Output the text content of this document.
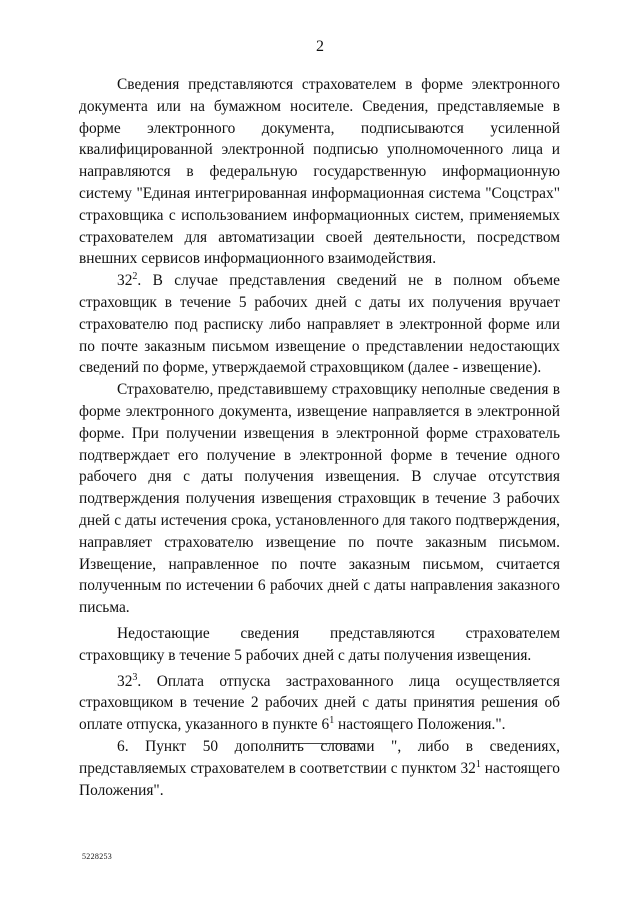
2

Сведения представляются страхователем в форме электронного документа или на бумажном носителе. Сведения, представляемые в форме электронного документа, подписываются усиленной квалифицированной электронной подписью уполномоченного лица и направляются в федеральную государственную информационную систему "Единая интегрированная информационная система "Соцстрах" страховщика с использованием информационных систем, применяемых страхователем для автоматизации своей деятельности, посредством внешних сервисов информационного взаимодействия.

$32^2$. В случае представления сведений не в полном объеме страховщик в течение 5 рабочих дней с даты их получения вручает страхователю под расписку либо направляет в электронной форме или по почте заказным письмом извещение о представлении недостающих сведений по форме, утверждаемой страховщиком (далее - извещение).

Страхователю, представившему страховщику неполные сведения в форме электронного документа, извещение направляется в электронной форме. При получении извещения в электронной форме страхователь подтверждает его получение в электронной форме в течение одного рабочего дня с даты получения извещения. В случае отсутствия подтверждения получения извещения страховщик в течение 3 рабочих дней с даты истечения срока, установленного для такого подтверждения, направляет страхователю извещение по почте заказным письмом. Извещение, направленное по почте заказным письмом, считается полученным по истечении 6 рабочих дней с даты направления заказного письма.

Недостающие сведения представляются страхователем страховщику в течение 5 рабочих дней с даты получения извещения.

$32^3$. Оплата отпуска застрахованного лица осуществляется страховщиком в течение 2 рабочих дней с даты принятия решения об оплате отпуска, указанного в пункте $6^1$ настоящего Положения.".

6. Пункт 50 дополнить словами ", либо в сведениях, представляемых страхователем в соответствии с пунктом $32^1$ настоящего Положения".

5228253
